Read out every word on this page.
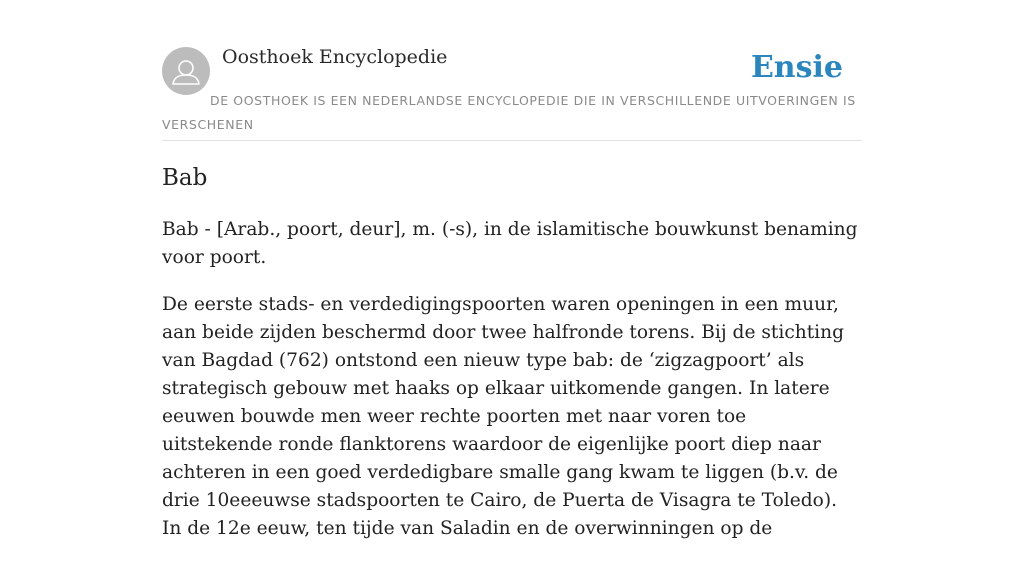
Oosthoek Encyclopedie	Ensie
DE OOSTHOEK IS EEN NEDERLANDSE ENCYCLOPEDIE DIE IN VERSCHILLENDE UITVOERINGEN IS VERSCHENEN
Bab

Bab - [Arab., poort, deur], m. (-s), in de islamitische bouwkunst benaming voor poort.

De eerste stads- en verdedigingspoorten waren openingen in een muur, aan beide zijden beschermd door twee halfronde torens. Bij de stichting van Bagdad (762) ontstond een nieuw type bab: de ‘zigzagpoort’ als strategisch gebouw met haaks op elkaar uitkomende gangen. In latere eeuwen bouwde men weer rechte poorten met naar voren toe uitstekende ronde flanktorens waardoor de eigenlijke poort diep naar achteren in een goed verdedigbare smalle gang kwam te liggen (b.v. de drie 10eeeuwse stadspoorten te Cairo, de Puerta de Visagra te Toledo). In de 12e eeuw, ten tijde van Saladin en de overwinningen op de
